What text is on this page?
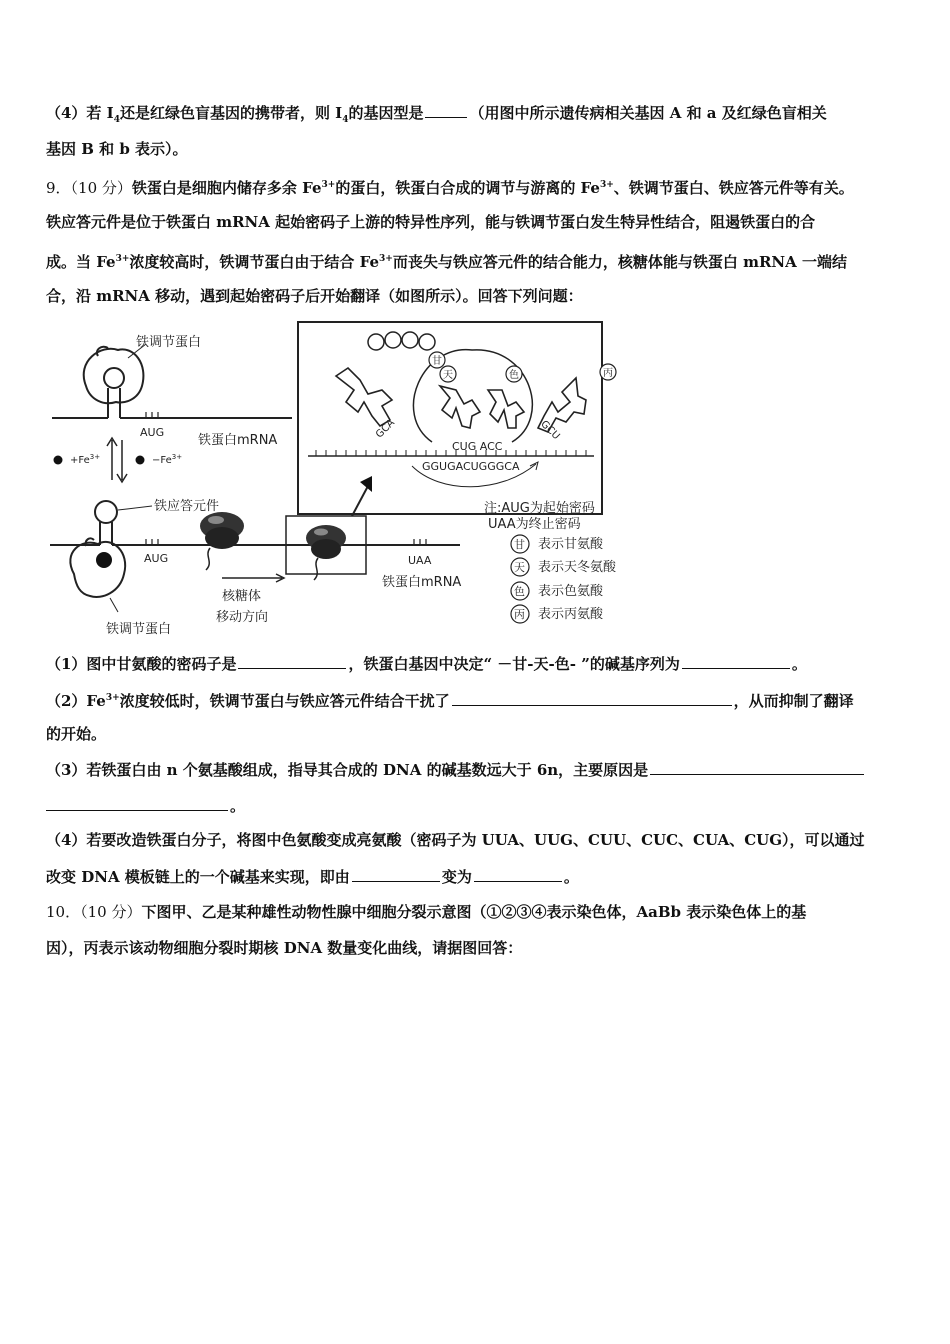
（4）若 $I_4$还是红绿色盲基因的携带者，则 $I_4$的基因型是	（用图中所示遗传病相关基因 A 和 a 及红绿色盲相关
基因 B 和 b 表示）。
9．（10 分）铁蛋白是细胞内储存多余 $Fe^{3+}$的蛋白，铁蛋白合成的调节与游离的 $Fe^{3+}$、铁调节蛋白、铁应答元件等有关。
铁应答元件是位于铁蛋白 mRNA 起始密码子上游的特异性序列，能与铁调节蛋白发生特异性结合，阻遏铁蛋白的合
成。当 $Fe^{3+}$浓度较高时，铁调节蛋白由于结合 $Fe^{3+}$而丧失与铁应答元件的结合能力，核糖体能与铁蛋白 mRNA 一端结
合，沿 mRNA 移动，遇到起始密码子后开始翻译（如图所示）。回答下列问题：
铁调节蛋白
AUG
铁蛋白mRNA
$+Fe^{3+}$	$-Fe^{3+}$
铁应答元件
AUG	UAA
铁蛋白mRNA
铁调节蛋白
核糖体
移动方向
GGUGACUGGGCA
CUG ACC
GCA
甘
天	色
GCU
丙
注:AUG为起始密码
UAA为终止密码
甘 表示甘氨酸
天 表示天冬氨酸
色 表示色氨酸
丙 表示丙氨酸
（1）图中甘氨酸的密码子是	，铁蛋白基因中决定“ －甘-天-色- ”的碱基序列为	。
$(2)Fe^{3+}$浓度较低时，铁调节蛋白与铁应答元件结合干扰了	，从而抑制了翻译
的开始。
（3）若铁蛋白由 n 个氨基酸组成，指导其合成的 DNA 的碱基数远大于 6n，主要原因是
。
（4）若要改造铁蛋白分子，将图中色氨酸变成亮氨酸（密码子为 UUA、UUG、CUU、CUC、CUA、CUG），可以通过
改变 DNA 模板链上的一个碱基来实现，即由	变为	。
10．（10 分）下图甲、乙是某种雄性动物性腺中细胞分裂示意图（①②③④表示染色体，AaBb 表示染色体上的基
因），丙表示该动物细胞分裂时期核 DNA 数量变化曲线，请据图回答：
